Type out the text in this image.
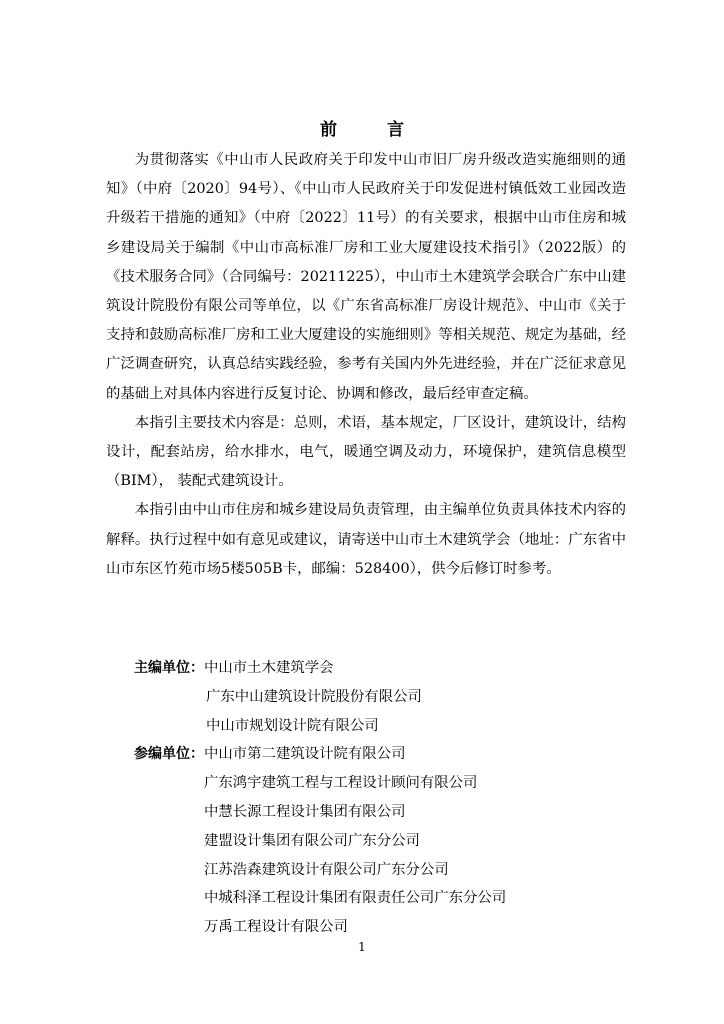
前 言

为贯彻落实《中山市人民政府关于印发中山市旧厂房升级改造实施细则的通知》（中府〔2020〕94号）、《中山市人民政府关于印发促进村镇低效工业园改造升级若干措施的通知》（中府〔2022〕11号）的有关要求，根据中山市住房和城乡建设局关于编制《中山市高标准厂房和工业大厦建设技术指引》（2022版）的《技术服务合同》（合同编号：20211225），中山市土木建筑学会联合广东中山建筑设计院股份有限公司等单位，以《广东省高标准厂房设计规范》、中山市《关于支持和鼓励高标准厂房和工业大厦建设的实施细则》等相关规范、规定为基础，经广泛调查研究，认真总结实践经验，参考有关国内外先进经验，并在广泛征求意见的基础上对具体内容进行反复讨论、协调和修改，最后经审查定稿。

本指引主要技术内容是：总则，术语，基本规定，厂区设计，建筑设计，结构设计，配套站房，给水排水，电气，暖通空调及动力，环境保护，建筑信息模型（BIM）， 装配式建筑设计。

本指引由中山市住房和城乡建设局负责管理，由主编单位负责具体技术内容的解释。执行过程中如有意见或建议，请寄送中山市土木建筑学会（地址：广东省中山市东区竹苑市场5楼505B卡，邮编：528400），供今后修订时参考。

主编单位： 中山市土木建筑学会
广东中山建筑设计院股份有限公司
中山市规划设计院有限公司
参编单位： 中山市第二建筑设计院有限公司
广东鸿宇建筑工程与工程设计顾问有限公司
中慧长源工程设计集团有限公司
建盟设计集团有限公司广东分公司
江苏浩森建筑设计有限公司广东分公司
中城科泽工程设计集团有限责任公司广东分公司
万禹工程设计有限公司
1
